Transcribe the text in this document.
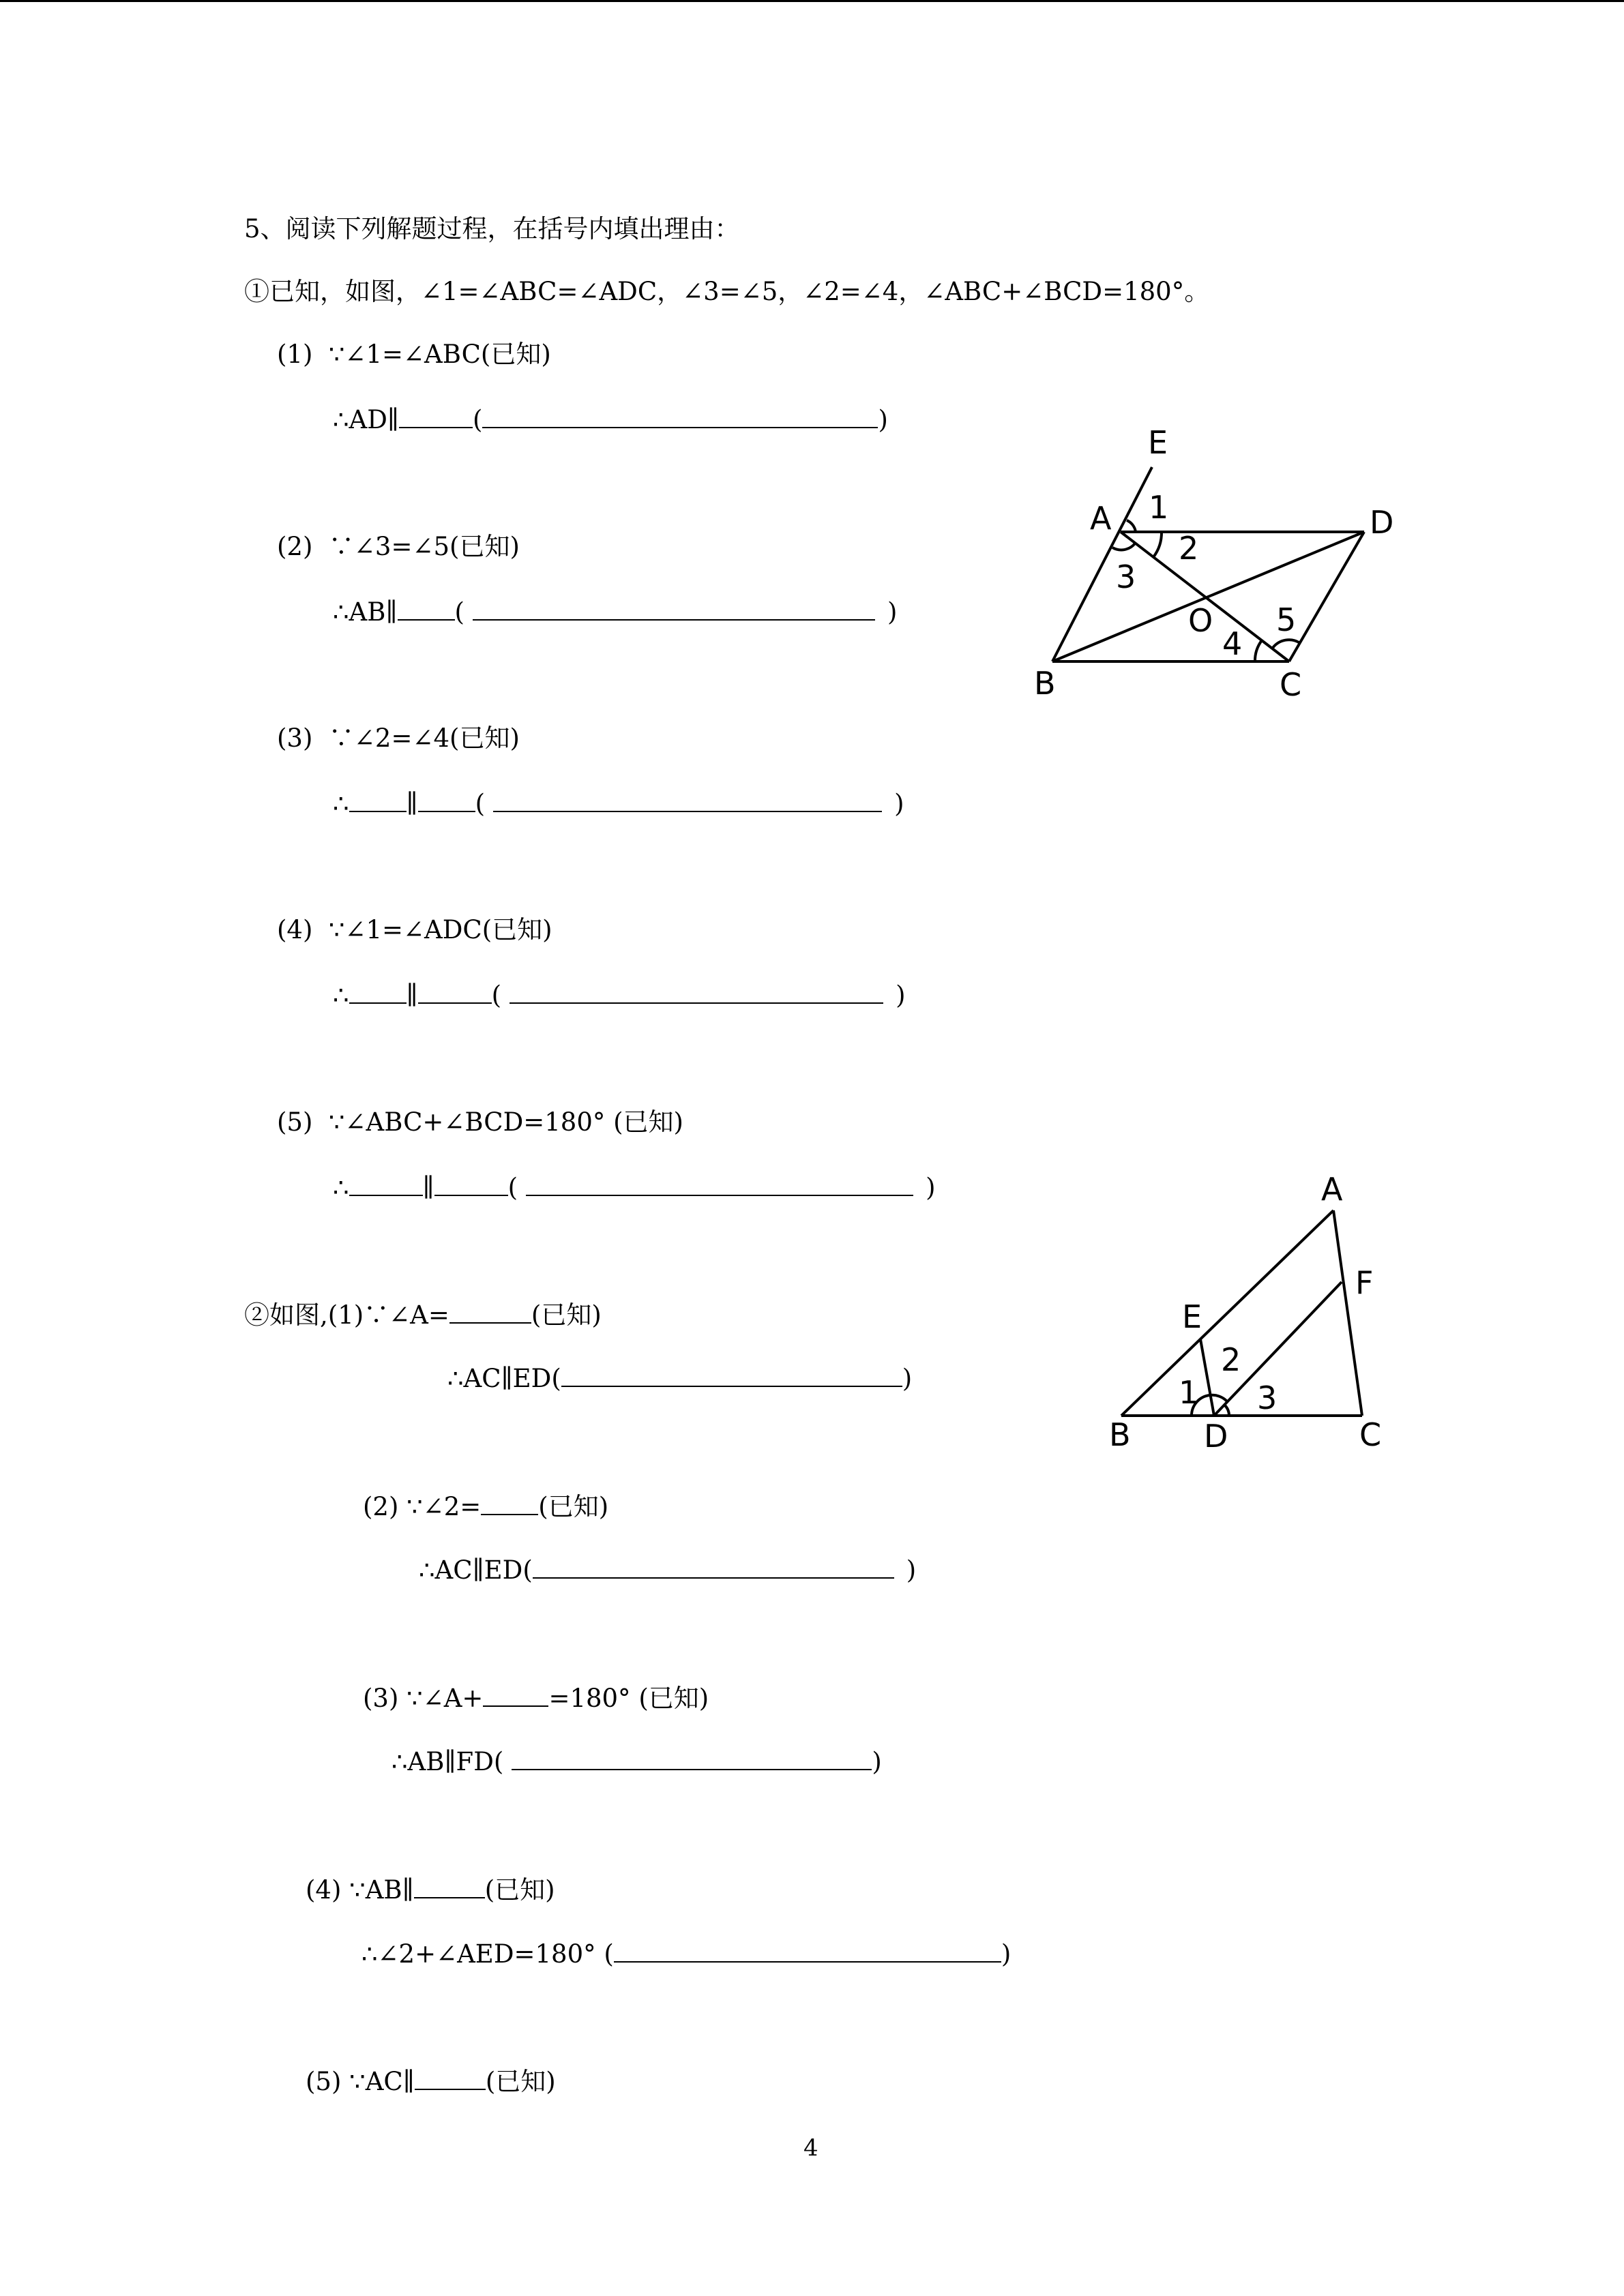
5、阅读下列解题过程，在括号内填出理由：
①已知，如图，∠1=∠ABC=∠ADC，∠3=∠5，∠2=∠4，∠ABC+∠BCD=180°。
(1)  ∵∠1=∠ABC(已知)
∴AD∥	(	)
(2)  ∵∠3=∠5(已知)
∴AB∥ (	)
(3)  ∵∠2=∠4(已知)
∴ ∥ (	)
(4)  ∵∠1=∠ADC(已知)
∴ ∥	(	)
(5)  ∵∠ABC+∠BCD=180° (已知)
∴	∥	(	)
②如图,(1)∵∠A=	(已知)
∴AC∥ED(	)
(2) ∵∠2= (已知)
∴AC∥ED(	)
(3) ∵∠A+	=180° (已知)
∴AB∥FD(	)
(4) ∵AB∥	(已知)
∴∠2+∠AED=180° (	)
(5) ∵AC∥	(已知)
E
A	D
B	C
O
1
2
3
4
5
A
F
E
B D	C
1
2
3
4
